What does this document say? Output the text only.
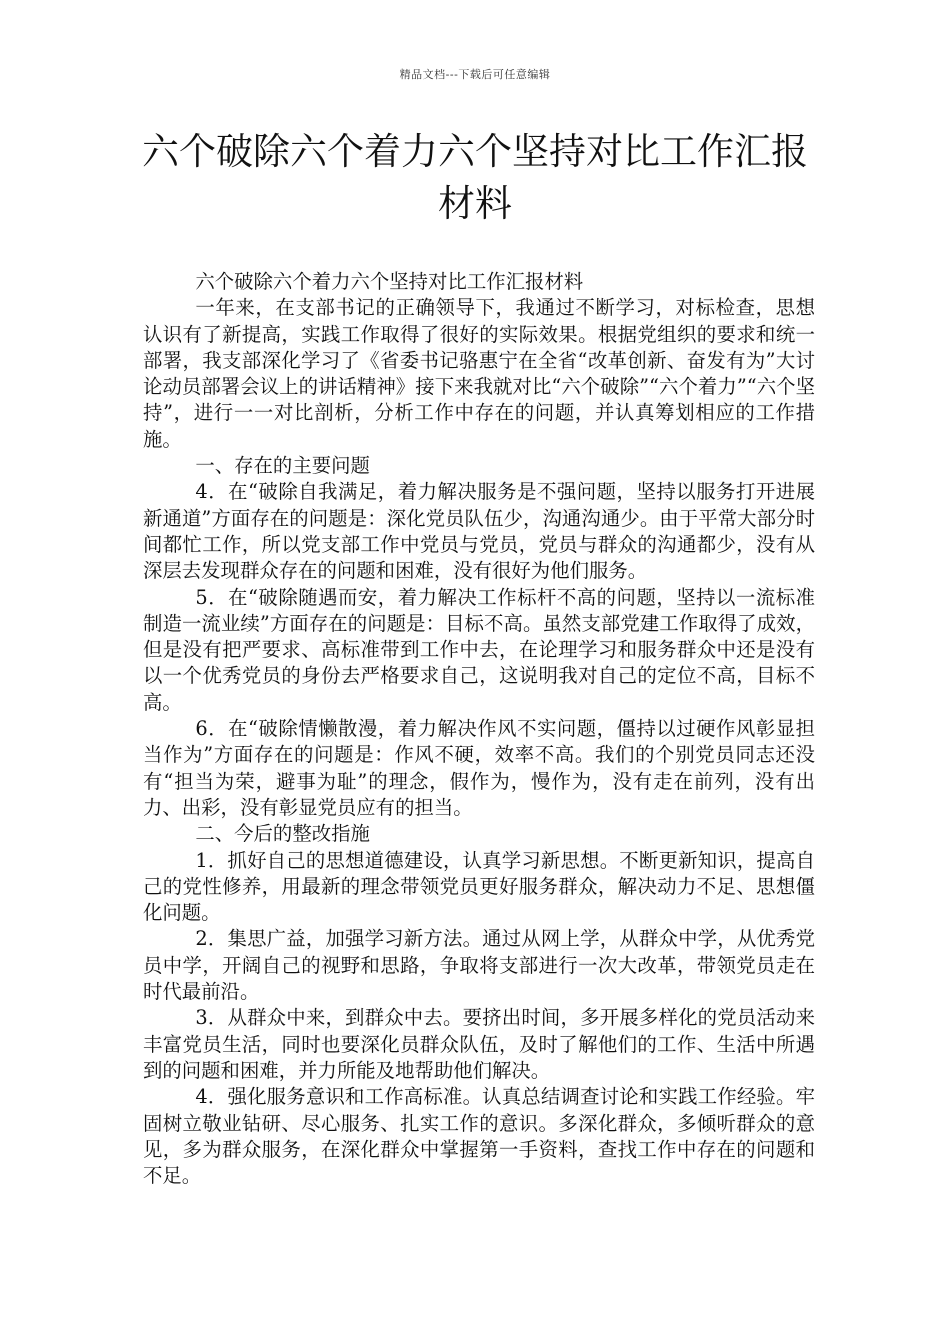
精品文档---下载后可任意编辑
六个破除六个着力六个坚持对比工作汇报材料

六个破除六个着力六个坚持对比工作汇报材料

一年来，在支部书记的正确领导下，我通过不断学习，对标检查，思想认识有了新提高，实践工作取得了很好的实际效果。根据党组织的要求和统一部署，我支部深化学习了《省委书记骆惠宁在全省“改革创新、奋发有为”大讨论动员部署会议上的讲话精神》接下来我就对比“六个破除”“六个着力”“六个坚持”，进行一一对比剖析，分析工作中存在的问题，并认真筹划相应的工作措施。

一、存在的主要问题

4．在“破除自我满足，着力解决服务是不强问题，坚持以服务打开进展新通道”方面存在的问题是：深化党员队伍少，沟通沟通少。由于平常大部分时间都忙工作，所以党支部工作中党员与党员，党员与群众的沟通都少，没有从深层去发现群众存在的问题和困难，没有很好为他们服务。

5．在“破除随遇而安，着力解决工作标杆不高的问题，坚持以一流标准制造一流业续”方面存在的问题是：目标不高。虽然支部党建工作取得了成效，但是没有把严要求、高标准带到工作中去，在论理学习和服务群众中还是没有以一个优秀党员的身份去严格要求自己，这说明我对自己的定位不高，目标不高。

6．在“破除情懒散漫，着力解决作风不实问题，僵持以过硬作风彰显担当作为”方面存在的问题是：作风不硬，效率不高。我们的个别党员同志还没有“担当为荣，避事为耻”的理念，假作为，慢作为，没有走在前列，没有出力、出彩，没有彰显党员应有的担当。

二、今后的整改指施

1．抓好自己的思想道德建设，认真学习新思想。不断更新知识，提高自己的党性修养，用最新的理念带领党员更好服务群众，解决动力不足、思想僵化问题。

2．集思广益，加强学习新方法。通过从网上学，从群众中学，从优秀党员中学，开阔自己的视野和思路，争取将支部进行一次大改革，带领党员走在时代最前沿。

3．从群众中来，到群众中去。要挤出时间，多开展多样化的党员活动来丰富党员生活，同时也要深化员群众队伍，及时了解他们的工作、生活中所遇到的问题和困难，并力所能及地帮助他们解决。

4．强化服务意识和工作高标准。认真总结调查讨论和实践工作经验。牢固树立敬业钻研、尽心服务、扎实工作的意识。多深化群众，多倾听群众的意见，多为群众服务，在深化群众中掌握第一手资料，查找工作中存在的问题和不足。
